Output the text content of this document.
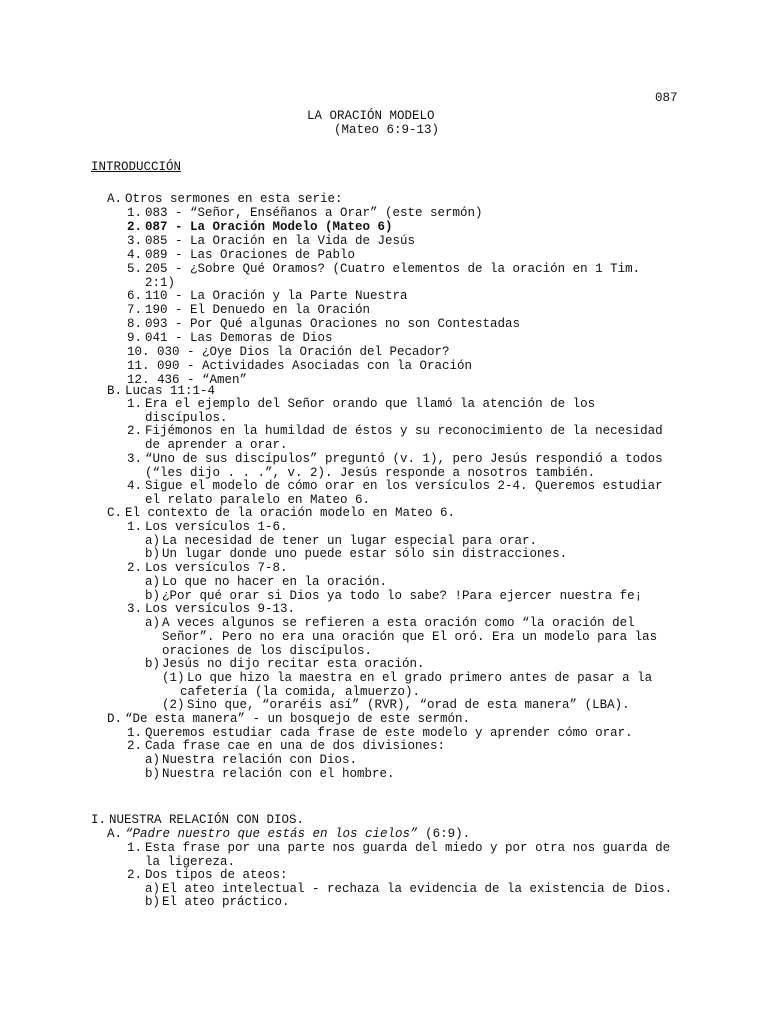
087
LA ORACIÓN MODELO
(Mateo 6:9-13)
INTRODUCCIÓN
A. Otros sermones en esta serie:
1. 083 - “Señor, Enséñanos a Orar” (este sermón)
2. 087 - La Oración Modelo (Mateo 6)
3. 085 - La Oración en la Vida de Jesús
4. 089 - Las Oraciones de Pablo
5. 205 - ¿Sobre Qué Oramos? (Cuatro elementos de la oración en 1 Tim.
2:1)
6. 110 - La Oración y la Parte Nuestra
7. 190 - El Denuedo en la Oración
8. 093 - Por Qué algunas Oraciones no son Contestadas
9. 041 - Las Demoras de Dios
10. 030 - ¿Oye Dios la Oración del Pecador?
11. 090 - Actividades Asociadas con la Oración
12. 436 - “Amen”
B. Lucas 11:1-4
1. Era el ejemplo del Señor orando que llamó la atención de los
discípulos.
2. Fijémonos en la humildad de éstos y su reconocimiento de la necesidad
de aprender a orar.
3. “Uno de sus discípulos” preguntó (v. 1), pero Jesús respondió a todos
(“les dijo . . .”, v. 2). Jesús responde a nosotros también.
4. Sigue el modelo de cómo orar en los versículos 2-4. Queremos estudiar
el relato paralelo en Mateo 6.
C. El contexto de la oración modelo en Mateo 6.
1. Los versículos 1-6.
a) La necesidad de tener un lugar especial para orar.
b) Un lugar donde uno puede estar sólo sin distracciones.
2. Los versículos 7-8.
a) Lo que no hacer en la oración.
b) ¿Por qué orar si Dios ya todo lo sabe? !Para ejercer nuestra fe¡
3. Los versículos 9-13.
a) A veces algunos se refieren a esta oración como “la oración del
Señor”. Pero no era una oración que El oró. Era un modelo para las
oraciones de los discípulos.
b) Jesús no dijo recitar esta oración.
(1) Lo que hizo la maestra en el grado primero antes de pasar a la
cafetería (la comida, almuerzo).
(2) Sino que, “oraréis así” (RVR), “orad de esta manera” (LBA).
D. “De esta manera” - un bosquejo de este sermón.
1. Queremos estudiar cada frase de este modelo y aprender cómo orar.
2. Cada frase cae en una de dos divisiones:
a) Nuestra relación con Dios.
b) Nuestra relación con el hombre.
I. NUESTRA RELACIÓN CON DIOS.
A. “Padre nuestro que estás en los cielos” (6:9).
1. Esta frase por una parte nos guarda del miedo y por otra nos guarda de
la ligereza.
2. Dos tipos de ateos:
a) El ateo intelectual - rechaza la evidencia de la existencia de Dios.
b) El ateo práctico.
